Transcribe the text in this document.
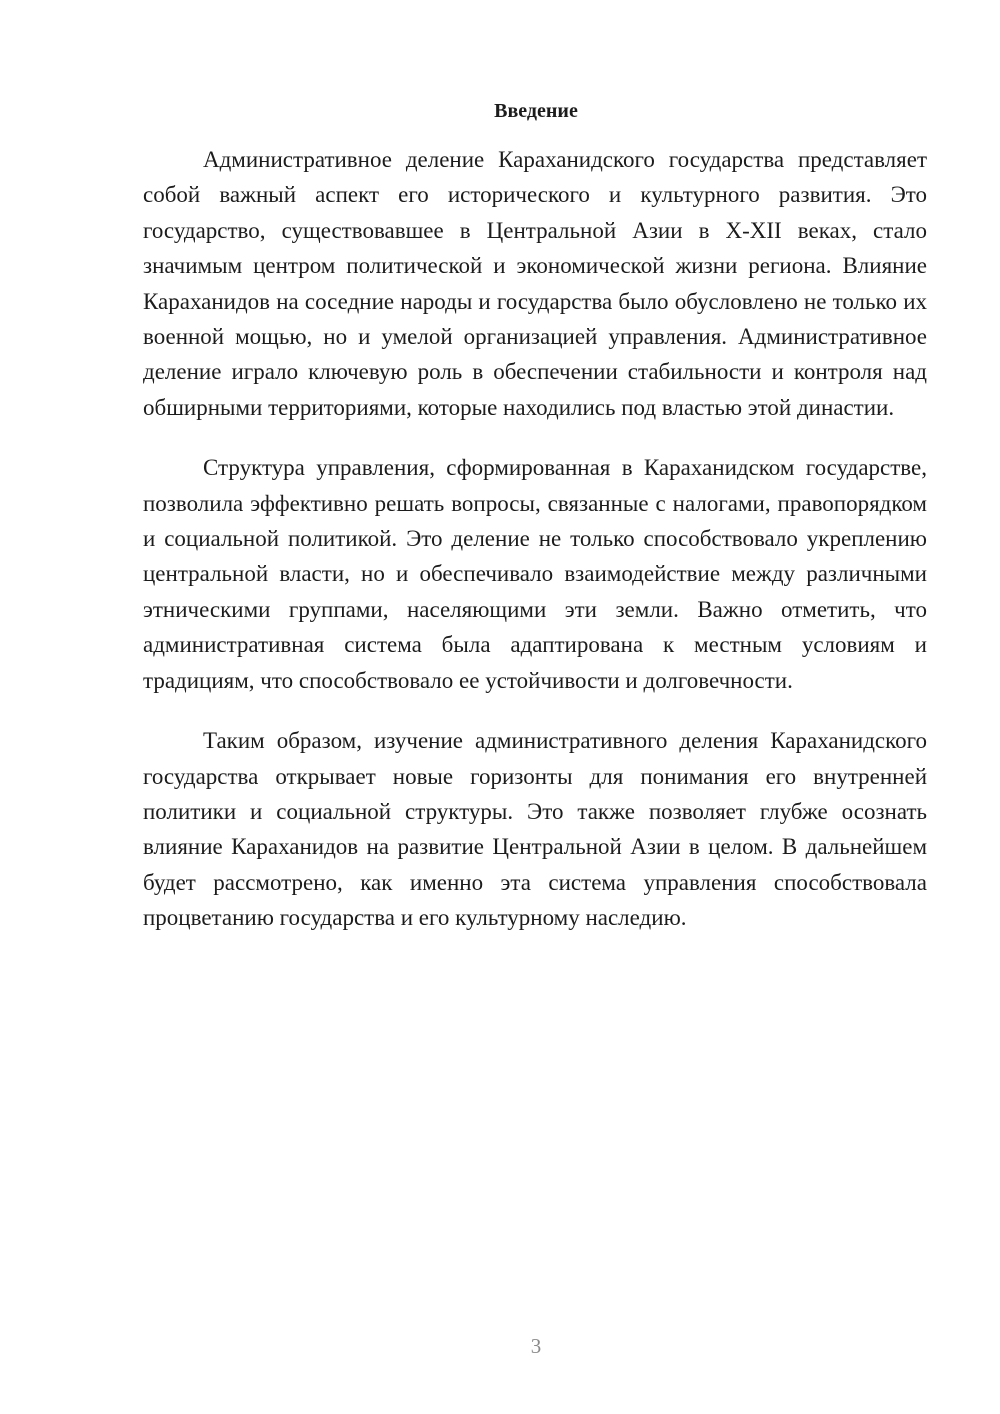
Введение

Административное деление Караханидского государства представляет собой важный аспект его исторического и культурного развития. Это государство, существовавшее в Центральной Азии в X-XII веках, стало значимым центром политической и экономической жизни региона. Влияние Караханидов на соседние народы и государства было обусловлено не только их военной мощью, но и умелой организацией управления. Административное деление играло ключевую роль в обеспечении стабильности и контроля над обширными территориями, которые находились под властью этой династии.

Структура управления, сформированная в Караханидском государстве, позволила эффективно решать вопросы, связанные с налогами, правопорядком и социальной политикой. Это деление не только способствовало укреплению центральной власти, но и обеспечивало взаимодействие между различными этническими группами, населяющими эти земли. Важно отметить, что административная система была адаптирована к местным условиям и традициям, что способствовало ее устойчивости и долговечности.

Таким образом, изучение административного деления Караханидского государства открывает новые горизонты для понимания его внутренней политики и социальной структуры. Это также позволяет глубже осознать влияние Караханидов на развитие Центральной Азии в целом. В дальнейшем будет рассмотрено, как именно эта система управления способствовала процветанию государства и его культурному наследию.

3
